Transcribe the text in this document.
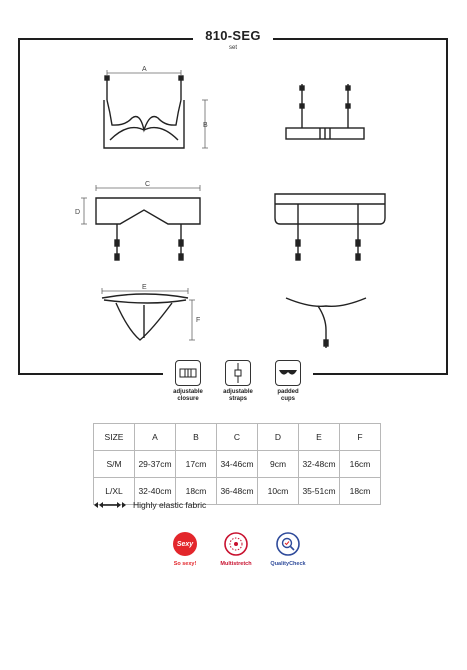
810-SEG
set
A
B
C
D
E
F
adjustable
closure
adjustable
straps
padded
cups
SIZE	A	B	C	D	E	F
S/M	29-37cm	17cm	34-46cm	9cm	32-48cm	16cm
L/XL	32-40cm	18cm	36-48cm	10cm	35-51cm	18cm
Highly elastic fabric
Sexy
So sexy!	Multistretch	QualityCheck
